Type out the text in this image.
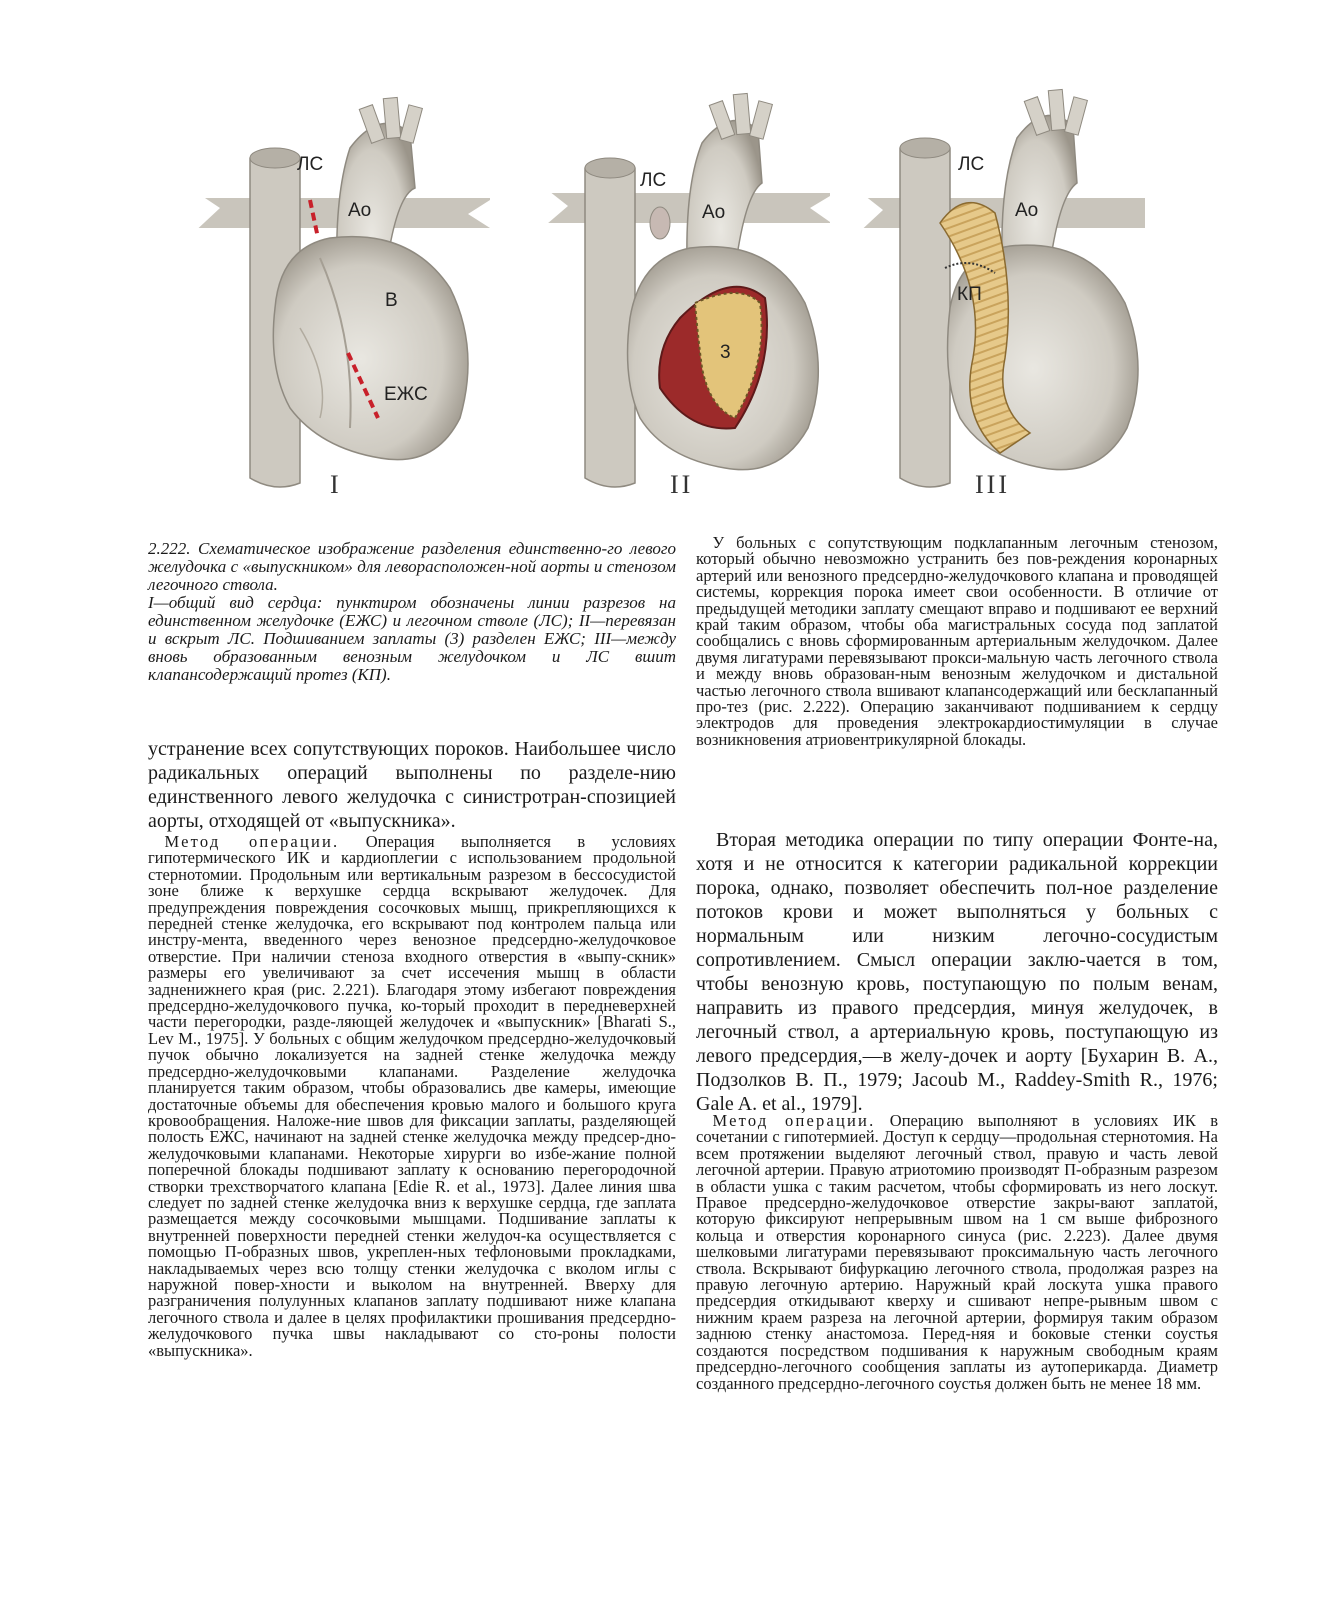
ЛС
Ао
В
ЕЖС
I
3
ЛС
Ао
II
КП
ЛС
Ао
III

2.222. Схематическое изображение разделения единственно-го левого желудочка с «выпускником» для леворасположен-ной аорты и стенозом легочного ствола.

I—общий вид сердца: пунктиром обозначены линии разрезов на единственном желудочке (ЕЖС) и легочном стволе (ЛС); II—перевязан и вскрыт ЛС. Подшиванием заплаты (3) разделен ЕЖС; III—между вновь образованным венозным желудочком и ЛС вшит клапансодержащий протез (КП).

устранение всех сопутствующих пороков. Наибольшее число радикальных операций выполнены по разделе-нию единственного левого желудочка с синистротран-спозицией аорты, отходящей от «выпускника».

 Метод операции. Операция выполняется в условиях гипотермического ИК и кардиоплегии с использованием продольной стернотомии. Продольным или вертикальным разрезом в бессосудистой зоне ближе к верхушке сердца вскрывают желудочек. Для предупреждения повреждения сосочковых мышц, прикрепляющихся к передней стенке желудочка, его вскрывают под контролем пальца или инстру-мента, введенного через венозное предсердно-желудочковое отверстие. При наличии стеноза входного отверстия в «выпу-скник» размеры его увеличивают за счет иссечения мышц в области задненижнего края (рис. 2.221). Благодаря этому избегают повреждения предсердно-желудочкового пучка, ко-торый проходит в передневерхней части перегородки, разде-ляющей желудочек и «выпускник» [Bharati S., Lev M., 1975]. У больных с общим желудочком предсердно-желудочковый пучок обычно локализуется на задней стенке желудочка между предсердно-желудочковыми клапанами. Разделение желудочка планируется таким образом, чтобы образовались две камеры, имеющие достаточные объемы для обеспечения кровью малого и большого круга кровообращения. Наложе-ние швов для фиксации заплаты, разделяющей полость ЕЖС, начинают на задней стенке желудочка между предсер-дно-желудочковыми клапанами. Некоторые хирурги во избе-жание полной поперечной блокады подшивают заплату к основанию перегородочной створки трехстворчатого клапана [Edie R. et al., 1973]. Далее линия шва следует по задней стенке желудочка вниз к верхушке сердца, где заплата размещается между сосочковыми мышцами. Подшивание заплаты к внутренней поверхности передней стенки желудоч-ка осуществляется с помощью П-образных швов, укреплен-ных тефлоновыми прокладками, накладываемых через всю толщу стенки желудочка с вколом иглы с наружной повер-хности и выколом на внутренней. Вверху для разграничения полулунных клапанов заплату подшивают ниже клапана легочного ствола и далее в целях профилактики прошивания предсердно-желудочкового пучка швы накладывают со сто-роны полости «выпускника».

 У больных с сопутствующим подклапанным легочным стенозом, который обычно невозможно устранить без пов-реждения коронарных артерий или венозного предсердно-желудочкового клапана и проводящей системы, коррекция порока имеет свои особенности. В отличие от предыдущей методики заплату смещают вправо и подшивают ее верхний край таким образом, чтобы оба магистральных сосуда под заплатой сообщались с вновь сформированным артериальным желудочком. Далее двумя лигатурами перевязывают прокси-мальную часть легочного ствола и между вновь образован-ным венозным желудочком и дистальной частью легочного ствола вшивают клапансодержащий или бесклапанный про-тез (рис. 2.222). Операцию заканчивают подшиванием к сердцу электродов для проведения электрокардиостимуляции в случае возникновения атриовентрикулярной блокады.

 Вторая методика операции по типу операции Фонте-на, хотя и не относится к категории радикальной коррекции порока, однако, позволяет обеспечить пол-ное разделение потоков крови и может выполняться у больных с нормальным или низким легочно-сосудистым сопротивлением. Смысл операции заклю-чается в том, чтобы венозную кровь, поступающую по полым венам, направить из правого предсердия, минуя желудочек, в легочный ствол, а артериальную кровь, поступающую из левого предсердия,—в желу-дочек и аорту [Бухарин В. А., Подзолков В. П., 1979; Jacoub M., Raddey-Smith R., 1976; Gale A. et al., 1979].

 Метод операции. Операцию выполняют в условиях ИК в сочетании с гипотермией. Доступ к сердцу—продольная стернотомия. На всем протяжении выделяют легочный ствол, правую и часть левой легочной артерии. Правую атриотомию производят П-образным разрезом в области ушка с таким расчетом, чтобы сформировать из него лоскут. Правое предсердно-желудочковое отверстие закры-вают заплатой, которую фиксируют непрерывным швом на 1 см выше фиброзного кольца и отверстия коронарного синуса (рис. 2.223). Далее двумя шелковыми лигатурами перевязывают проксимальную часть легочного ствола. Вскрывают бифуркацию легочного ствола, продолжая разрез на правую легочную артерию. Наружный край лоскута ушка правого предсердия откидывают кверху и сшивают непре-рывным швом с нижним краем разреза на легочной артерии, формируя таким образом заднюю стенку анастомоза. Перед-няя и боковые стенки соустья создаются посредством подшивания к наружным свободным краям предсердно-легочного сообщения заплаты из аутоперикарда. Диаметр созданного предсердно-легочного соустья должен быть не менее 18 мм.
